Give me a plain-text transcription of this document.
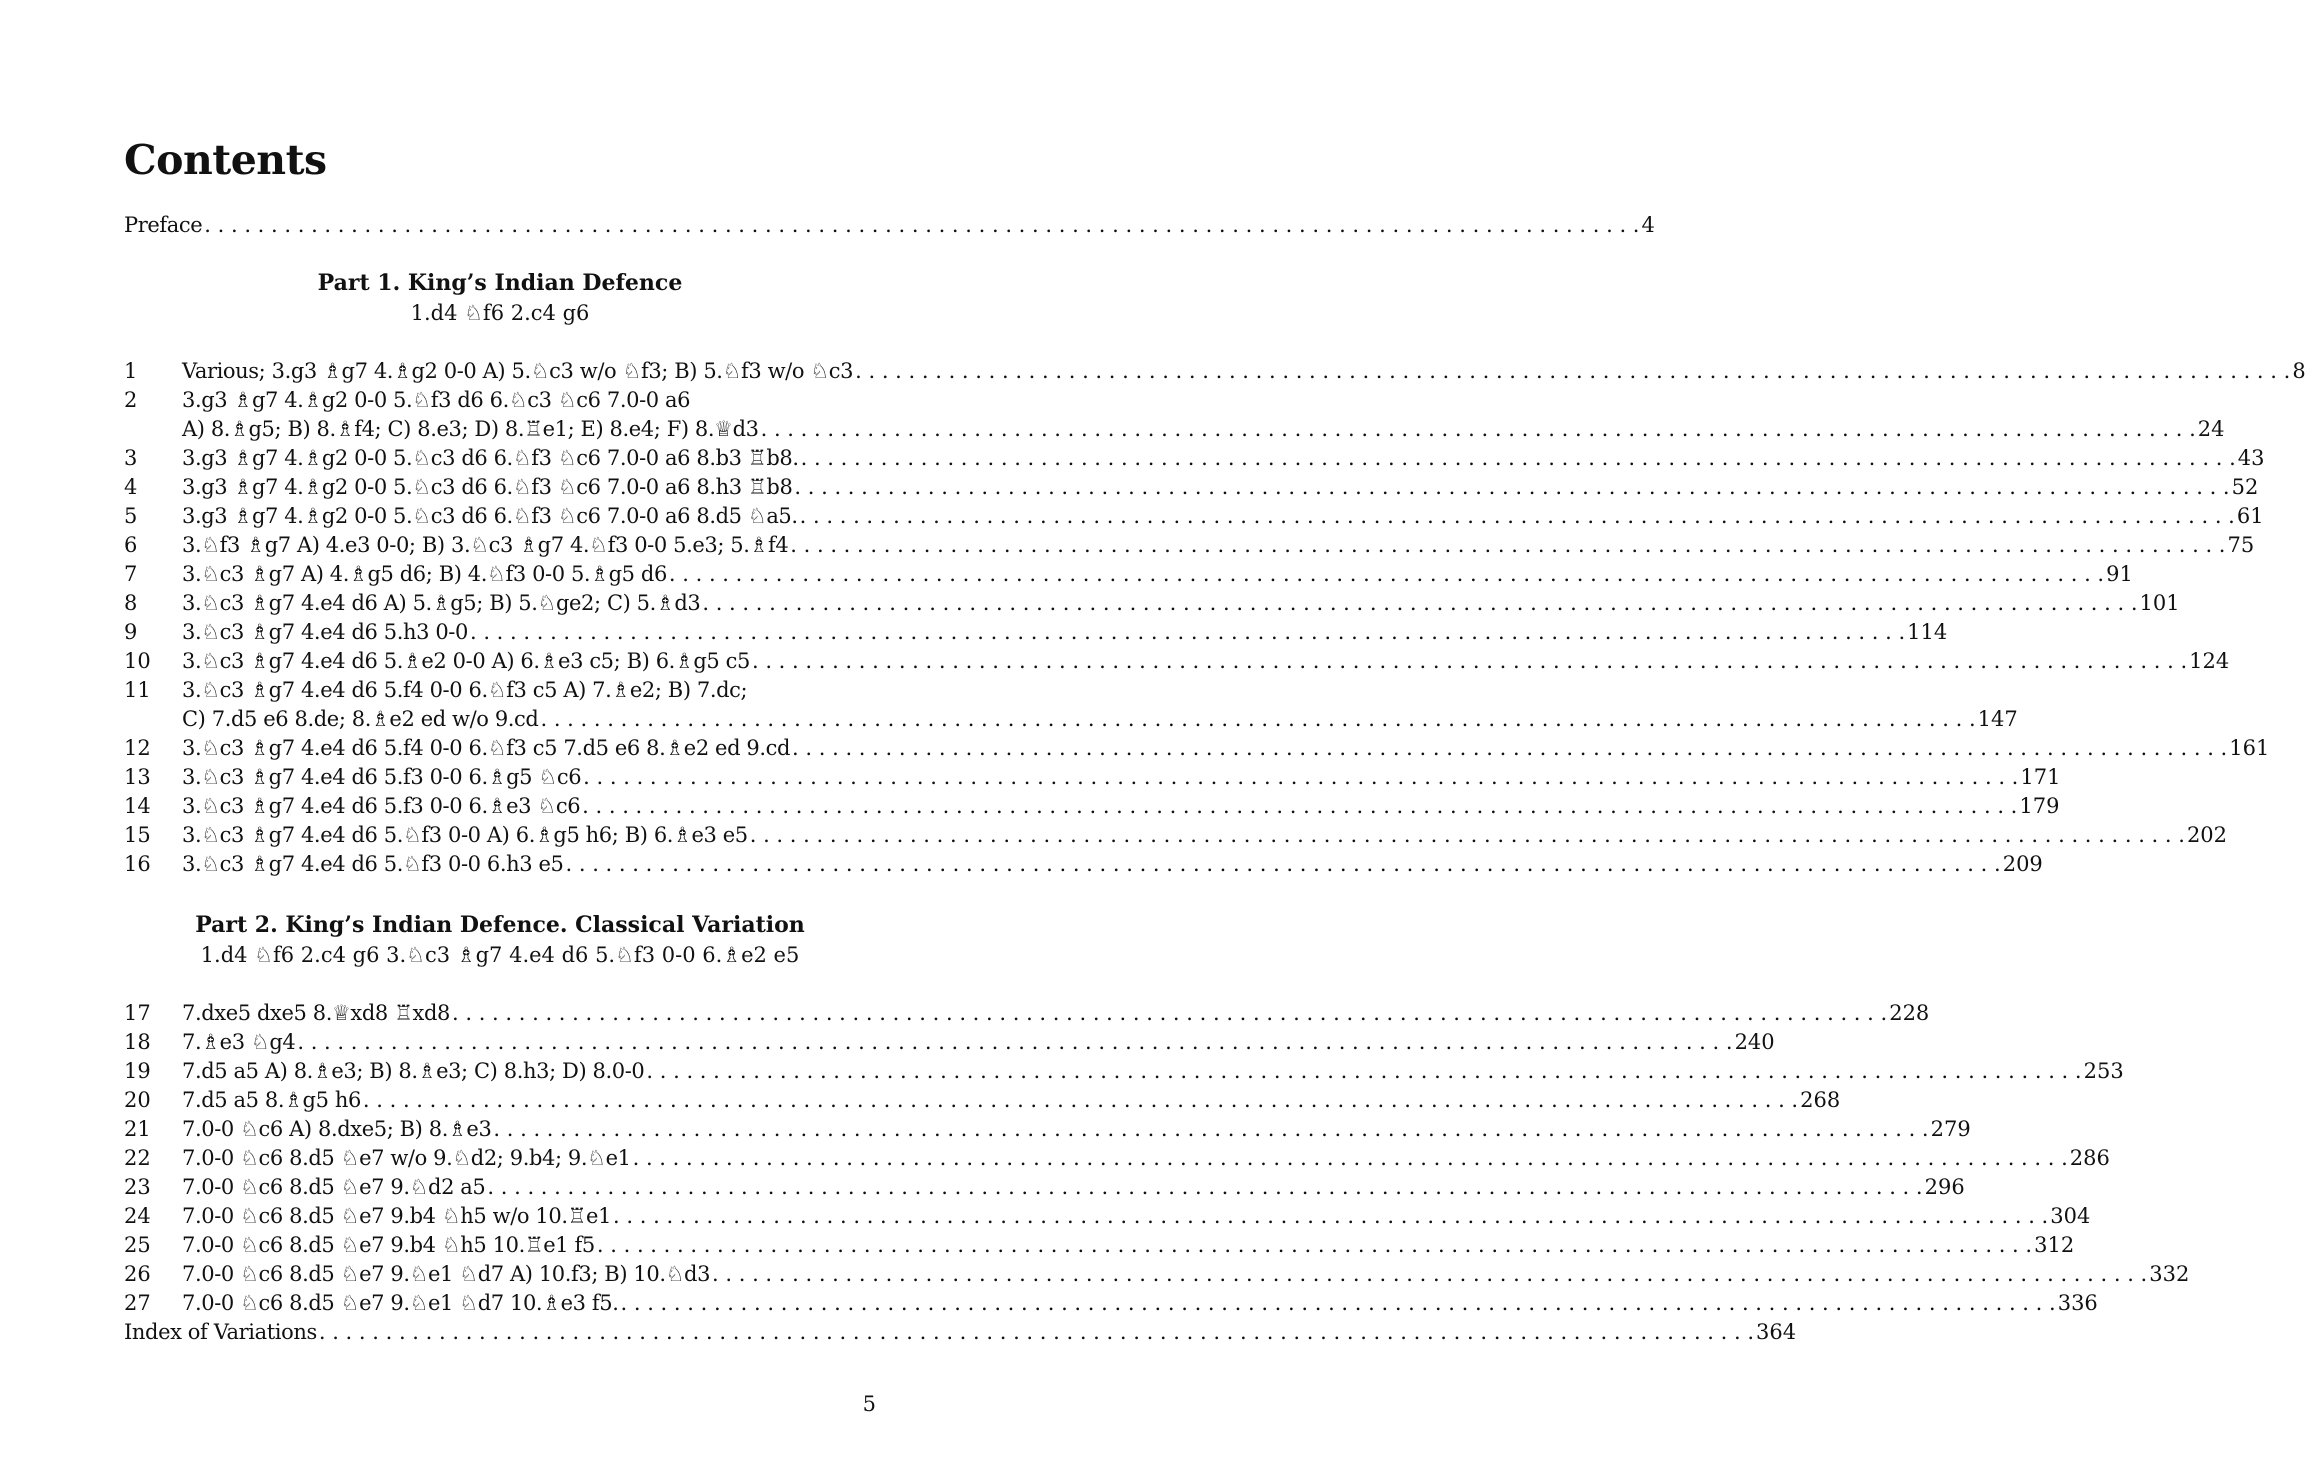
Contents
Preface . . .	4
Part 1. King’s Indian Defence
1.d4 ♘f6 2.c4 g6
1	Various; 3.g3 ♗g7 4.♗g2 0-0 A) 5.♘c3 w/o ♘f3; B) 5.♘f3 w/o ♘c3 . . .	8
2	3.g3 ♗g7 4.♗g2 0-0 5.♘f3 d6 6.♘c3 ♘c6 7.0-0 a6
A) 8.♗g5; B) 8.♗f4; C) 8.e3; D) 8.♖e1; E) 8.e4; F) 8.♕d3 . . .	24
3	3.g3 ♗g7 4.♗g2 0-0 5.♘c3 d6 6.♘f3 ♘c6 7.0-0 a6 8.b3 ♖b8. . . .	43
4	3.g3 ♗g7 4.♗g2 0-0 5.♘c3 d6 6.♘f3 ♘c6 7.0-0 a6 8.h3 ♖b8 . . .	52
5	3.g3 ♗g7 4.♗g2 0-0 5.♘c3 d6 6.♘f3 ♘c6 7.0-0 a6 8.d5 ♘a5. . . .	61
6	3.♘f3 ♗g7 A) 4.e3 0-0; B) 3.♘c3 ♗g7 4.♘f3 0-0 5.e3; 5.♗f4 . . .	75
7	3.♘c3 ♗g7 A) 4.♗g5 d6; B) 4.♘f3 0-0 5.♗g5 d6 . . .	91
8	3.♘c3 ♗g7 4.e4 d6 A) 5.♗g5; B) 5.♘ge2; C) 5.♗d3 . . .	101
9	3.♘c3 ♗g7 4.e4 d6 5.h3 0-0 . . .	114
10	3.♘c3 ♗g7 4.e4 d6 5.♗e2 0-0 A) 6.♗e3 c5; B) 6.♗g5 c5 . . .	124
11	3.♘c3 ♗g7 4.e4 d6 5.f4 0-0 6.♘f3 c5 A) 7.♗e2; B) 7.dc;
C) 7.d5 e6 8.de; 8.♗e2 ed w/o 9.cd . . .	147
12	3.♘c3 ♗g7 4.e4 d6 5.f4 0-0 6.♘f3 c5 7.d5 e6 8.♗e2 ed 9.cd . . .	161
13	3.♘c3 ♗g7 4.e4 d6 5.f3 0-0 6.♗g5 ♘c6 . . .	171
14	3.♘c3 ♗g7 4.e4 d6 5.f3 0-0 6.♗e3 ♘c6 . . .	179
15	3.♘c3 ♗g7 4.e4 d6 5.♘f3 0-0 A) 6.♗g5 h6; B) 6.♗e3 e5 . . .	202
16	3.♘c3 ♗g7 4.e4 d6 5.♘f3 0-0 6.h3 e5 . . .	209
Part 2. King’s Indian Defence. Classical Variation
1.d4 ♘f6 2.c4 g6 3.♘c3 ♗g7 4.e4 d6 5.♘f3 0-0 6.♗e2 e5
17	7.dxe5 dxe5 8.♕xd8 ♖xd8 . . .	228
18	7.♗e3 ♘g4 . . .	240
19	7.d5 a5 A) 8.♗e3; B) 8.♗e3; C) 8.h3; D) 8.0-0 . . .	253
20	7.d5 a5 8.♗g5 h6 . . .	268
21	7.0-0 ♘c6 A) 8.dxe5; B) 8.♗e3 . . .	279
22	7.0-0 ♘c6 8.d5 ♘e7 w/o 9.♘d2; 9.b4; 9.♘e1 . . .	286
23	7.0-0 ♘c6 8.d5 ♘e7 9.♘d2 a5 . . .	296
24	7.0-0 ♘c6 8.d5 ♘e7 9.b4 ♘h5 w/o 10.♖e1 . . .	304
25	7.0-0 ♘c6 8.d5 ♘e7 9.b4 ♘h5 10.♖e1 f5 . . .	312
26	7.0-0 ♘c6 8.d5 ♘e7 9.♘e1 ♘d7 A) 10.f3; B) 10.♘d3 . . .	332
27	7.0-0 ♘c6 8.d5 ♘e7 9.♘e1 ♘d7 10.♗e3 f5. . . .	336
Index of Variations . . .	364
5
